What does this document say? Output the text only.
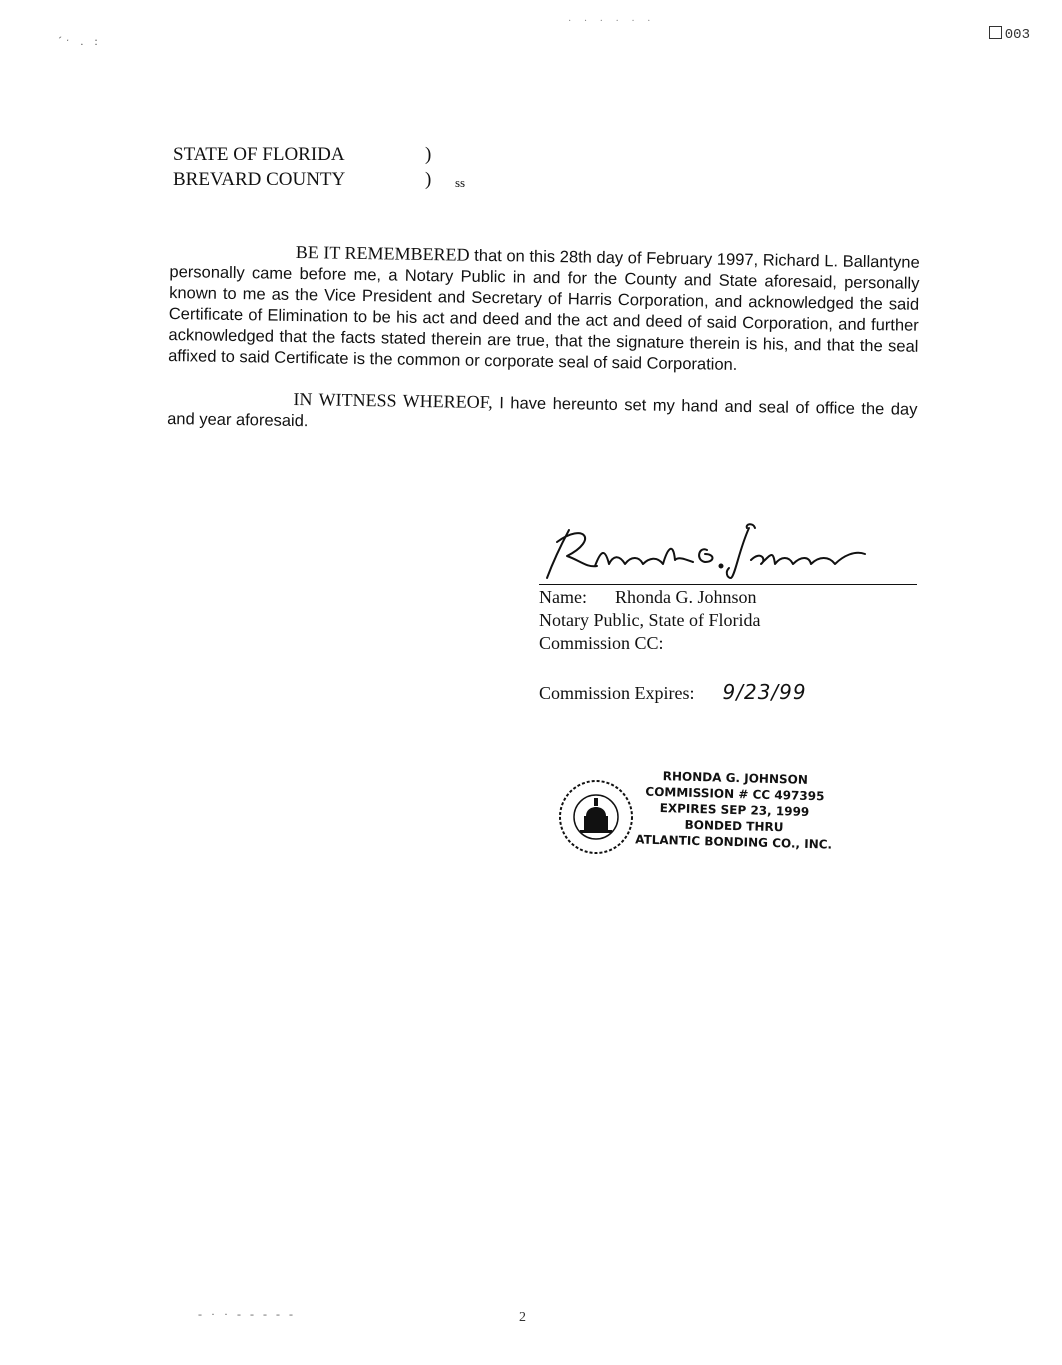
ˊˑ . :
· · · · · ·
003
STATE OF FLORIDA	)
BREVARD COUNTY	) ss

BE IT REMEMBERED that on this 28th day of February 1997, Richard L. Ballantyne personally came before me, a Notary Public in and for the County and State aforesaid, personally known to me as the Vice President and Secretary of Harris Corporation, and acknowledged the said Certificate of Elimination to be his act and deed and the act and deed of said Corporation, and further acknowledged that the facts stated therein are true, that the signature therein is his, and that the seal affixed to said Certificate is the common or corporate seal of said Corporation.

IN WITNESS WHEREOF, I have hereunto set my hand and seal of office the day and year aforesaid.

Name: Rhonda G. Johnson
Notary Public, State of Florida
Commission CC:
Commission Expires: 9/23/99
RHONDA G. JOHNSON
COMMISSION # CC 497395
EXPIRES SEP 23, 1999
BONDED THRU
ATLANTIC BONDING CO., INC.
- · · - - - - -	2
